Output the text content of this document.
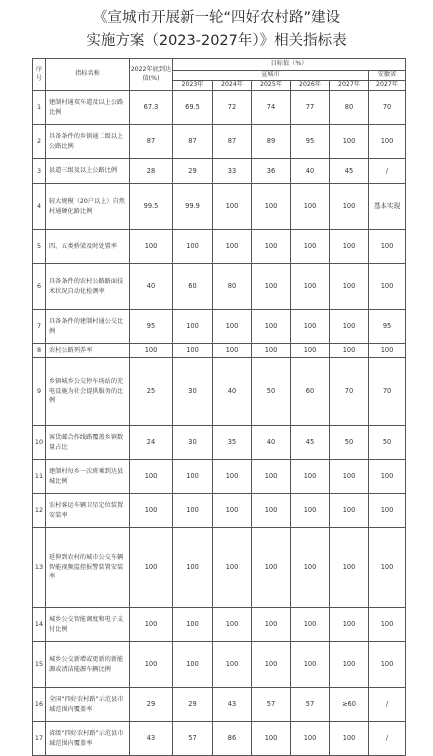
《宣城市开展新一轮“四好农村路”建设
实施方案（2023-2027年）》相关指标表
序号	指标名称	2022年底到达值(%)	目标值（%）					
			宣城市					安徽省
			2023年	2024年	2025年	2026年	2027年	2027年
1	建制村通双车道及以上公路比例	67.3	69.5	72	74	77	80	70
2	具备条件的乡镇通二级以上公路比例	87	87	87	89	95	100	100
3	县道三级及以上公路比例	28	29	33	36	40	45	/
4	较大规模（20户以上）自然村通硬化路比例	99.5	99.9	100	100	100	100	基本实现
5	四、五类桥梁及时处置率	100	100	100	100	100	100	100
6	具备条件的农村公路路面技术状况自动化检测率	40	60	80	100	100	100	100
7	具备条件的建制村通公交比例	95	100	100	100	100	100	95
8	农村公路列养率	100	100	100	100	100	100	100
9	乡镇城乡公交停车场站的充电设施为社会提供服务的比例	25	30	40	50	60	70	70
10	客货邮合作线路覆盖乡镇数量占比	24	30	35	40	45	50	50
11	建制村每乡一次班乘到达县城比例	100	100	100	100	100	100	100
12	农村客运车辆卫星定位装置安装率	100	100	100	100	100	100	100
13	延伸到农村的城市公交车辆智能视频监控报警装置安装率	100	100	100	100	100	100	100
14	城乡公交智能调度和电子支付比例	100	100	100	100	100	100	100
15	城乡公交新增或更新的新能源或清洁能源车辆比例	100	100	100	100	100	100	100
16	全国“四好农村路”示范县市域范围内覆盖率	29	29	43	57	57	≥60	/
17	省级“四好农村路”示范县市域范围内覆盖率	43	57	86	100	100	100	/
